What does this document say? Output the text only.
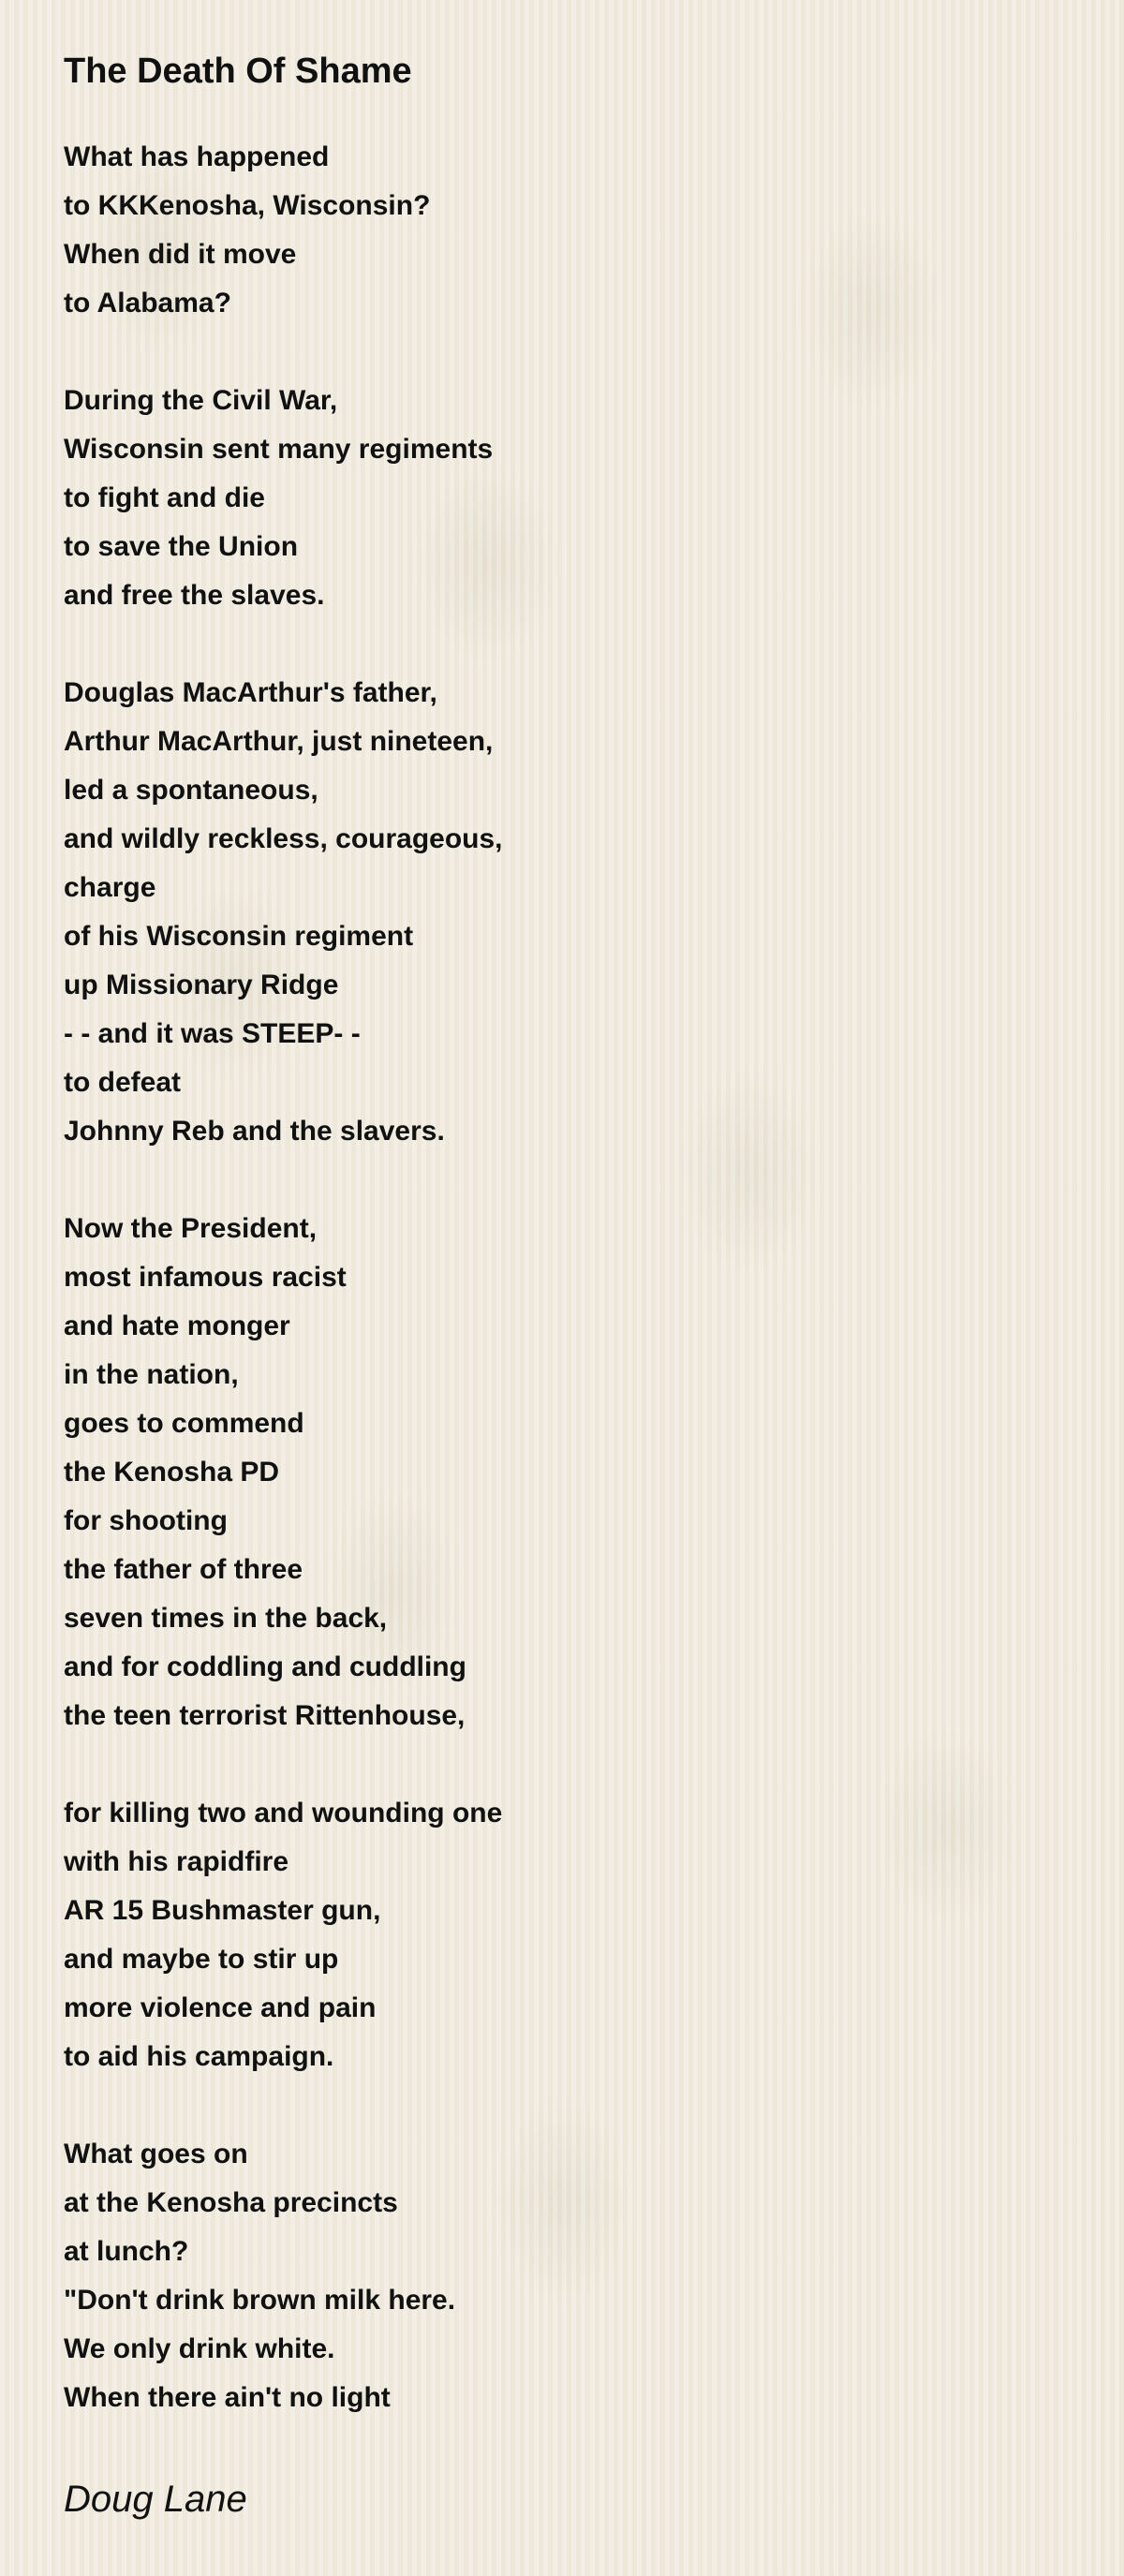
The Death Of Shame
What has happened
to KKKenosha, Wisconsin?
When did it move
to Alabama?
During the Civil War,
Wisconsin sent many regiments
to fight and die
to save the Union
and free the slaves.
Douglas MacArthur's father,
Arthur MacArthur, just nineteen,
led a spontaneous,
and wildly reckless, courageous,
charge
of his Wisconsin regiment
up Missionary Ridge
- - and it was STEEP- -
to defeat
Johnny Reb and the slavers.
Now the President,
most infamous racist
and hate monger
in the nation,
goes to commend
the Kenosha PD
for shooting
the father of three
seven times in the back,
and for coddling and cuddling
the teen terrorist Rittenhouse,
for killing two and wounding one
with his rapidfire
AR 15 Bushmaster gun,
and maybe to stir up
more violence and pain
to aid his campaign.
What goes on
at the Kenosha precincts
at lunch?
"Don't drink brown milk here.
We only drink white.
When there ain't no light
Doug Lane
